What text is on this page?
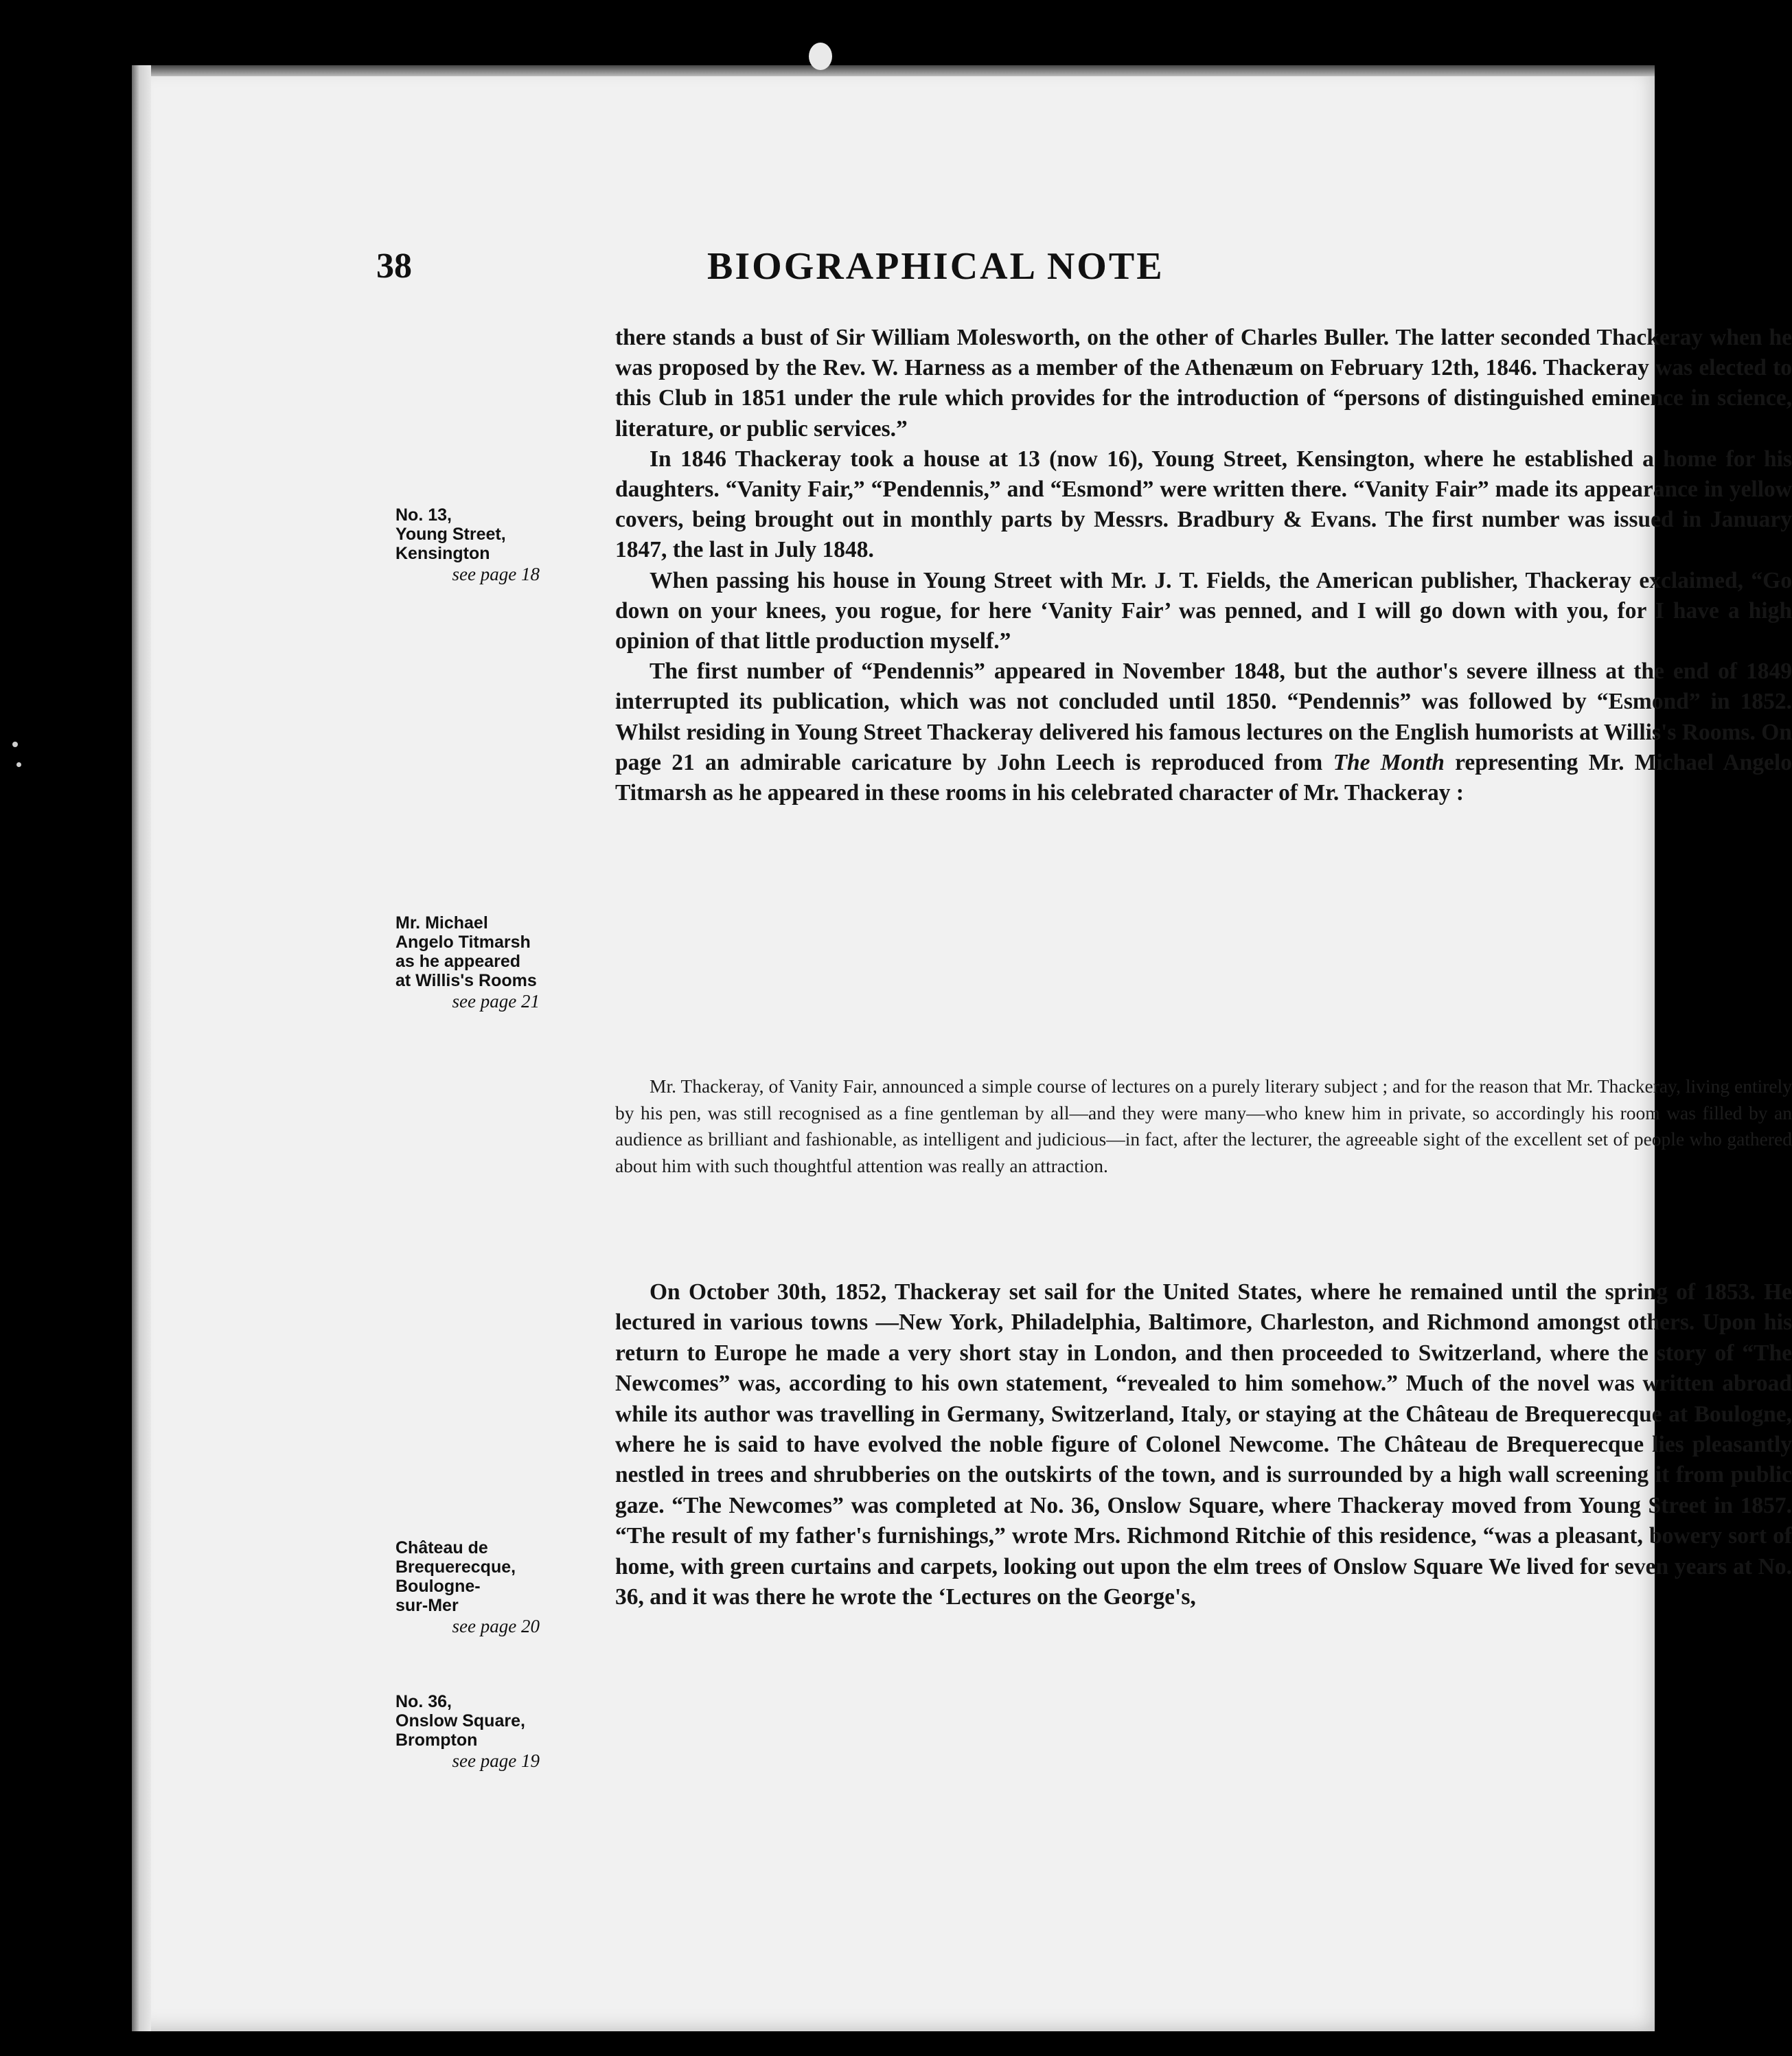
38	BIOGRAPHICAL NOTE
No. 13,
Young Street,
Kensington
see page 18
Mr. Michael
Angelo Titmarsh
as he appeared
at Willis's Rooms
see page 21
Château de
Brequerecque,
Boulogne-
sur-Mer
see page 20
No. 36,
Onslow Square,
Brompton
see page 19

there stands a bust of Sir William Molesworth, on the other of Charles Buller. The latter seconded Thackeray when he was proposed by the Rev. W. Harness as a member of the Athenæum on February 12th, 1846. Thackeray was elected to this Club in 1851 under the rule which provides for the introduction of “persons of distinguished eminence in science, literature, or public services.”

In 1846 Thackeray took a house at 13 (now 16), Young Street, Kensington, where he established a home for his daughters. “Vanity Fair,” “Pendennis,” and “Esmond” were written there. “Vanity Fair” made its appearance in yellow covers, being brought out in monthly parts by Messrs. Bradbury & Evans. The first number was issued in January 1847, the last in July 1848.

When passing his house in Young Street with Mr. J. T. Fields, the American publisher, Thackeray exclaimed, “Go down on your knees, you rogue, for here ‘Vanity Fair’ was penned, and I will go down with you, for I have a high opinion of that little production myself.”

The first number of “Pendennis” appeared in November 1848, but the author's severe illness at the end of 1849 interrupted its publication, which was not concluded until 1850. “Pendennis” was followed by “Esmond” in 1852. Whilst residing in Young Street Thackeray delivered his famous lectures on the English humorists at Willis's Rooms. On page 21 an admirable caricature by John Leech is reproduced from The Month representing Mr. Michael Angelo Titmarsh as he appeared in these rooms in his celebrated character of Mr. Thackeray :

Mr. Thackeray, of Vanity Fair, announced a simple course of lectures on a purely literary subject ; and for the reason that Mr. Thackeray, living entirely by his pen, was still recognised as a fine gentleman by all—and they were many—who knew him in private, so accordingly his room was filled by an audience as brilliant and fashionable, as intelligent and judicious—in fact, after the lecturer, the agreeable sight of the excellent set of people who gathered about him with such thoughtful attention was really an attraction.
On October 30th, 1852, Thackeray set sail for the United States, where he remained until the spring of 1853. He lectured in various towns —New York, Philadelphia, Baltimore, Charleston, and Richmond amongst others. Upon his return to Europe he made a very short stay in London, and then proceeded to Switzerland, where the story of “The Newcomes” was, according to his own statement, “revealed to him somehow.” Much of the novel was written abroad while its author was travelling in Germany, Switzerland, Italy, or staying at the Château de Brequerecque at Boulogne, where he is said to have evolved the noble figure of Colonel Newcome. The Château de Brequerecque lies pleasantly nestled in trees and shrubberies on the outskirts of the town, and is surrounded by a high wall screening it from public gaze. “The Newcomes” was completed at No. 36, Onslow Square, where Thackeray moved from Young Street in 1857. “The result of my father's furnishings,” wrote Mrs. Richmond Ritchie of this residence, “was a pleasant, bowery sort of home, with green curtains and carpets, looking out upon the elm trees of Onslow Square We lived for seven years at No. 36, and it was there he wrote the ‘Lectures on the George's,
